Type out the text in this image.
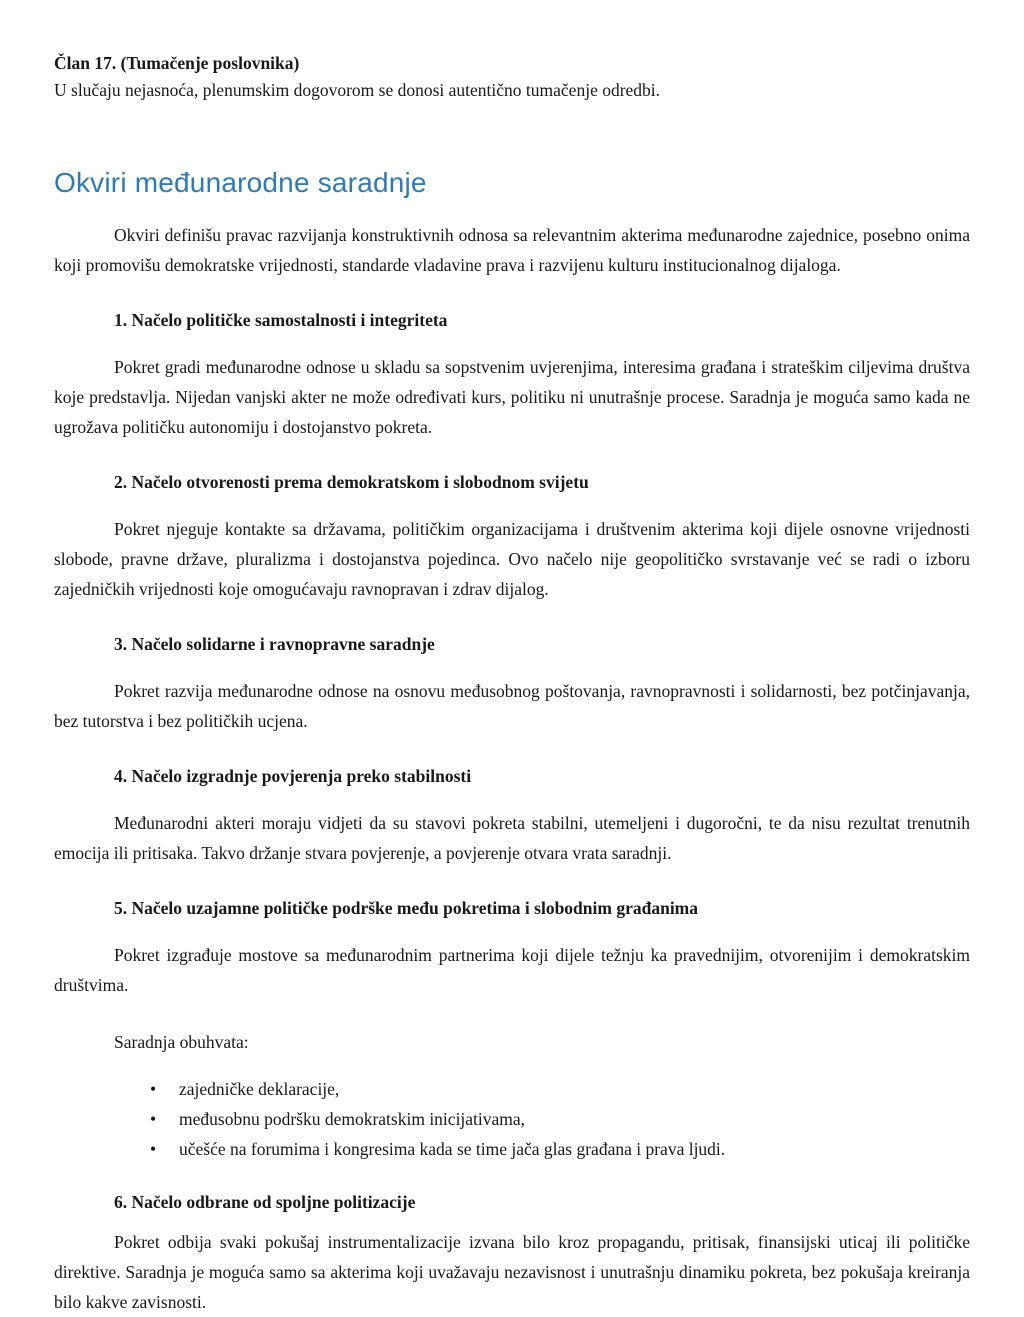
Član 17. (Tumačenje poslovnika)

U slučaju nejasnoća, plenumskim dogovorom se donosi autentično tumačenje odredbi.

Okviri međunarodne saradnje

Okviri definišu pravac razvijanja konstruktivnih odnosa sa relevantnim akterima međunarodne zajednice, posebno onima koji promovišu demokratske vrijednosti, standarde vladavine prava i razvijenu kulturu institucionalnog dijaloga.

1. Načelo političke samostalnosti i integriteta

Pokret gradi međunarodne odnose u skladu sa sopstvenim uvjerenjima, interesima građana i strateškim ciljevima društva koje predstavlja. Nijedan vanjski akter ne može određivati kurs, politiku ni unutrašnje procese. Saradnja je moguća samo kada ne ugrožava političku autonomiju i dostojanstvo pokreta.

2. Načelo otvorenosti prema demokratskom i slobodnom svijetu

Pokret njeguje kontakte sa državama, političkim organizacijama i društvenim akterima koji dijele osnovne vrijednosti slobode, pravne države, pluralizma i dostojanstva pojedinca. Ovo načelo nije geopolitičko svrstavanje već se radi o izboru zajedničkih vrijednosti koje omogućavaju ravnopravan i zdrav dijalog.

3. Načelo solidarne i ravnopravne saradnje

Pokret razvija međunarodne odnose na osnovu međusobnog poštovanja, ravnopravnosti i solidarnosti, bez potčinjavanja, bez tutorstva i bez političkih ucjena.

4. Načelo izgradnje povjerenja preko stabilnosti

Međunarodni akteri moraju vidjeti da su stavovi pokreta stabilni, utemeljeni i dugoročni, te da nisu rezultat trenutnih emocija ili pritisaka. Takvo držanje stvara povjerenje, a povjerenje otvara vrata saradnji.

5. Načelo uzajamne političke podrške među pokretima i slobodnim građanima

Pokret izgrađuje mostove sa međunarodnim partnerima koji dijele težnju ka pravednijim, otvorenijim i demokratskim društvima.

Saradnja obuhvata:

• zajedničke deklaracije,
• međusobnu podršku demokratskim inicijativama,
• učešće na forumima i kongresima kada se time jača glas građana i prava ljudi.

6. Načelo odbrane od spoljne politizacije

Pokret odbija svaki pokušaj instrumentalizacije izvana bilo kroz propagandu, pritisak, finansijski uticaj ili političke direktive. Saradnja je moguća samo sa akterima koji uvažavaju nezavisnost i unutrašnju dinamiku pokreta, bez pokušaja kreiranja bilo kakve zavisnosti.
